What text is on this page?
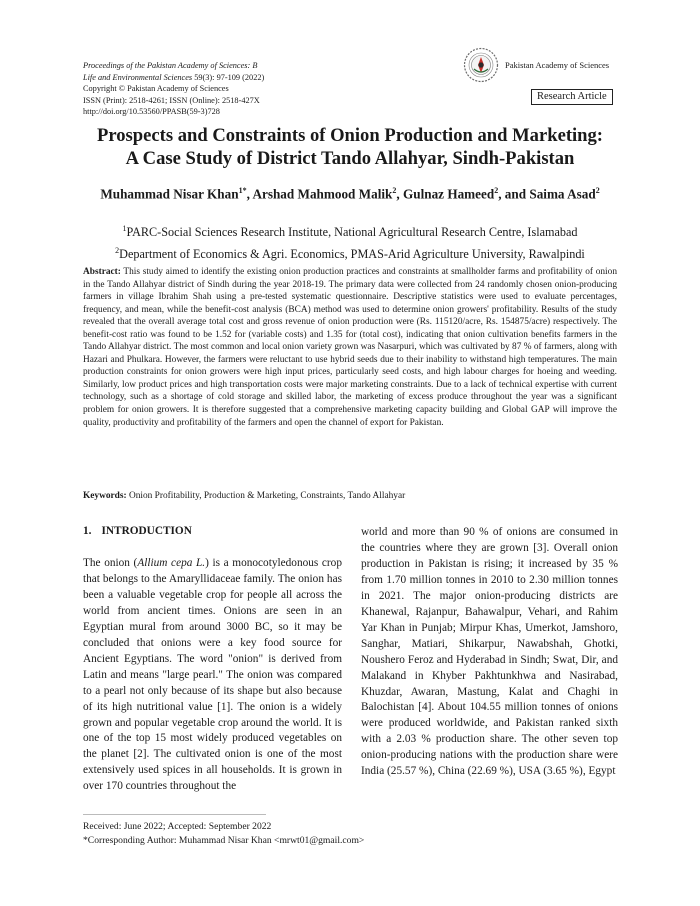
Proceedings of the Pakistan Academy of Sciences: B
Life and Environmental Sciences 59(3): 97-109 (2022)
Copyright © Pakistan Academy of Sciences
ISSN (Print): 2518-4261; ISSN (Online): 2518-427X
http://doi.org/10.53560/PPASB(59-3)728
Pakistan Academy of Sciences
Research Article
Prospects and Constraints of Onion Production and Marketing:
A Case Study of District Tando Allahyar, Sindh-Pakistan
Muhammad Nisar Khan$^{1*}$, Arshad Mahmood Malik$^2$, Gulnaz Hameed$^2$, and Saima Asad$^2$
$^1$PARC-Social Sciences Research Institute, National Agricultural Research Centre, Islamabad
$^2$Department of Economics & Agri. Economics, PMAS-Arid Agriculture University, Rawalpindi
Abstract: This study aimed to identify the existing onion production practices and constraints at smallholder farms and profitability of onion in the Tando Allahyar district of Sindh during the year 2018-19. The primary data were collected from 24 randomly chosen onion-producing farmers in village Ibrahim Shah using a pre-tested systematic questionnaire. Descriptive statistics were used to evaluate percentages, frequency, and mean, while the benefit-cost analysis (BCA) method was used to determine onion growers' profitability. Results of the study revealed that the overall average total cost and gross revenue of onion production were (Rs. 115120/acre, Rs. 154875/acre) respectively. The benefit-cost ratio was found to be 1.52 for (variable costs) and 1.35 for (total cost), indicating that onion cultivation benefits farmers in the Tando Allahyar district. The most common and local onion variety grown was Nasarpuri, which was cultivated by 87 % of farmers, along with Hazari and Phulkara. However, the farmers were reluctant to use hybrid seeds due to their inability to withstand high temperatures. The main production constraints for onion growers were high input prices, particularly seed costs, and high labour charges for hoeing and weeding. Similarly, low product prices and high transportation costs were major marketing constraints. Due to a lack of technical expertise with current technology, such as a shortage of cold storage and skilled labor, the marketing of excess produce throughout the year was a significant problem for onion growers. It is therefore suggested that a comprehensive marketing capacity building and Global GAP will improve the quality, productivity and profitability of the farmers and open the channel of export for Pakistan.
Keywords: Onion Profitability, Production & Marketing, Constraints, Tando Allahyar
1. INTRODUCTION
The onion (Allium cepa L.) is a monocotyledonous crop that belongs to the Amaryllidaceae family. The onion has been a valuable vegetable crop for people all across the world from ancient times. Onions are seen in an Egyptian mural from around 3000 BC, so it may be concluded that onions were a key food source for Ancient Egyptians. The word "onion" is derived from Latin and means "large pearl." The onion was compared to a pearl not only because of its shape but also because of its high nutritional value [1]. The onion is a widely grown and popular vegetable crop around the world. It is one of the top 15 most widely produced vegetables on the planet [2]. The cultivated onion is one of the most extensively used spices in all households. It is grown in over 170 countries throughout the
world and more than 90 % of onions are consumed in the countries where they are grown [3]. Overall onion production in Pakistan is rising; it increased by 35 % from 1.70 million tonnes in 2010 to 2.30 million tonnes in 2021. The major onion-producing districts are Khanewal, Rajanpur, Bahawalpur, Vehari, and Rahim Yar Khan in Punjab; Mirpur Khas, Umerkot, Jamshoro, Sanghar, Matiari, Shikarpur, Nawabshah, Ghotki, Noushero Feroz and Hyderabad in Sindh; Swat, Dir, and Malakand in Khyber Pakhtunkhwa and Nasirabad, Khuzdar, Awaran, Mastung, Kalat and Chaghi in Balochistan [4]. About 104.55 million tonnes of onions were produced worldwide, and Pakistan ranked sixth with a 2.03 % production share. The other seven top onion-producing nations with the production share were India (25.57 %), China (22.69 %), USA (3.65 %), Egypt
Received: June 2022; Accepted: September 2022
*Corresponding Author: Muhammad Nisar Khan <mrwt01@gmail.com>
